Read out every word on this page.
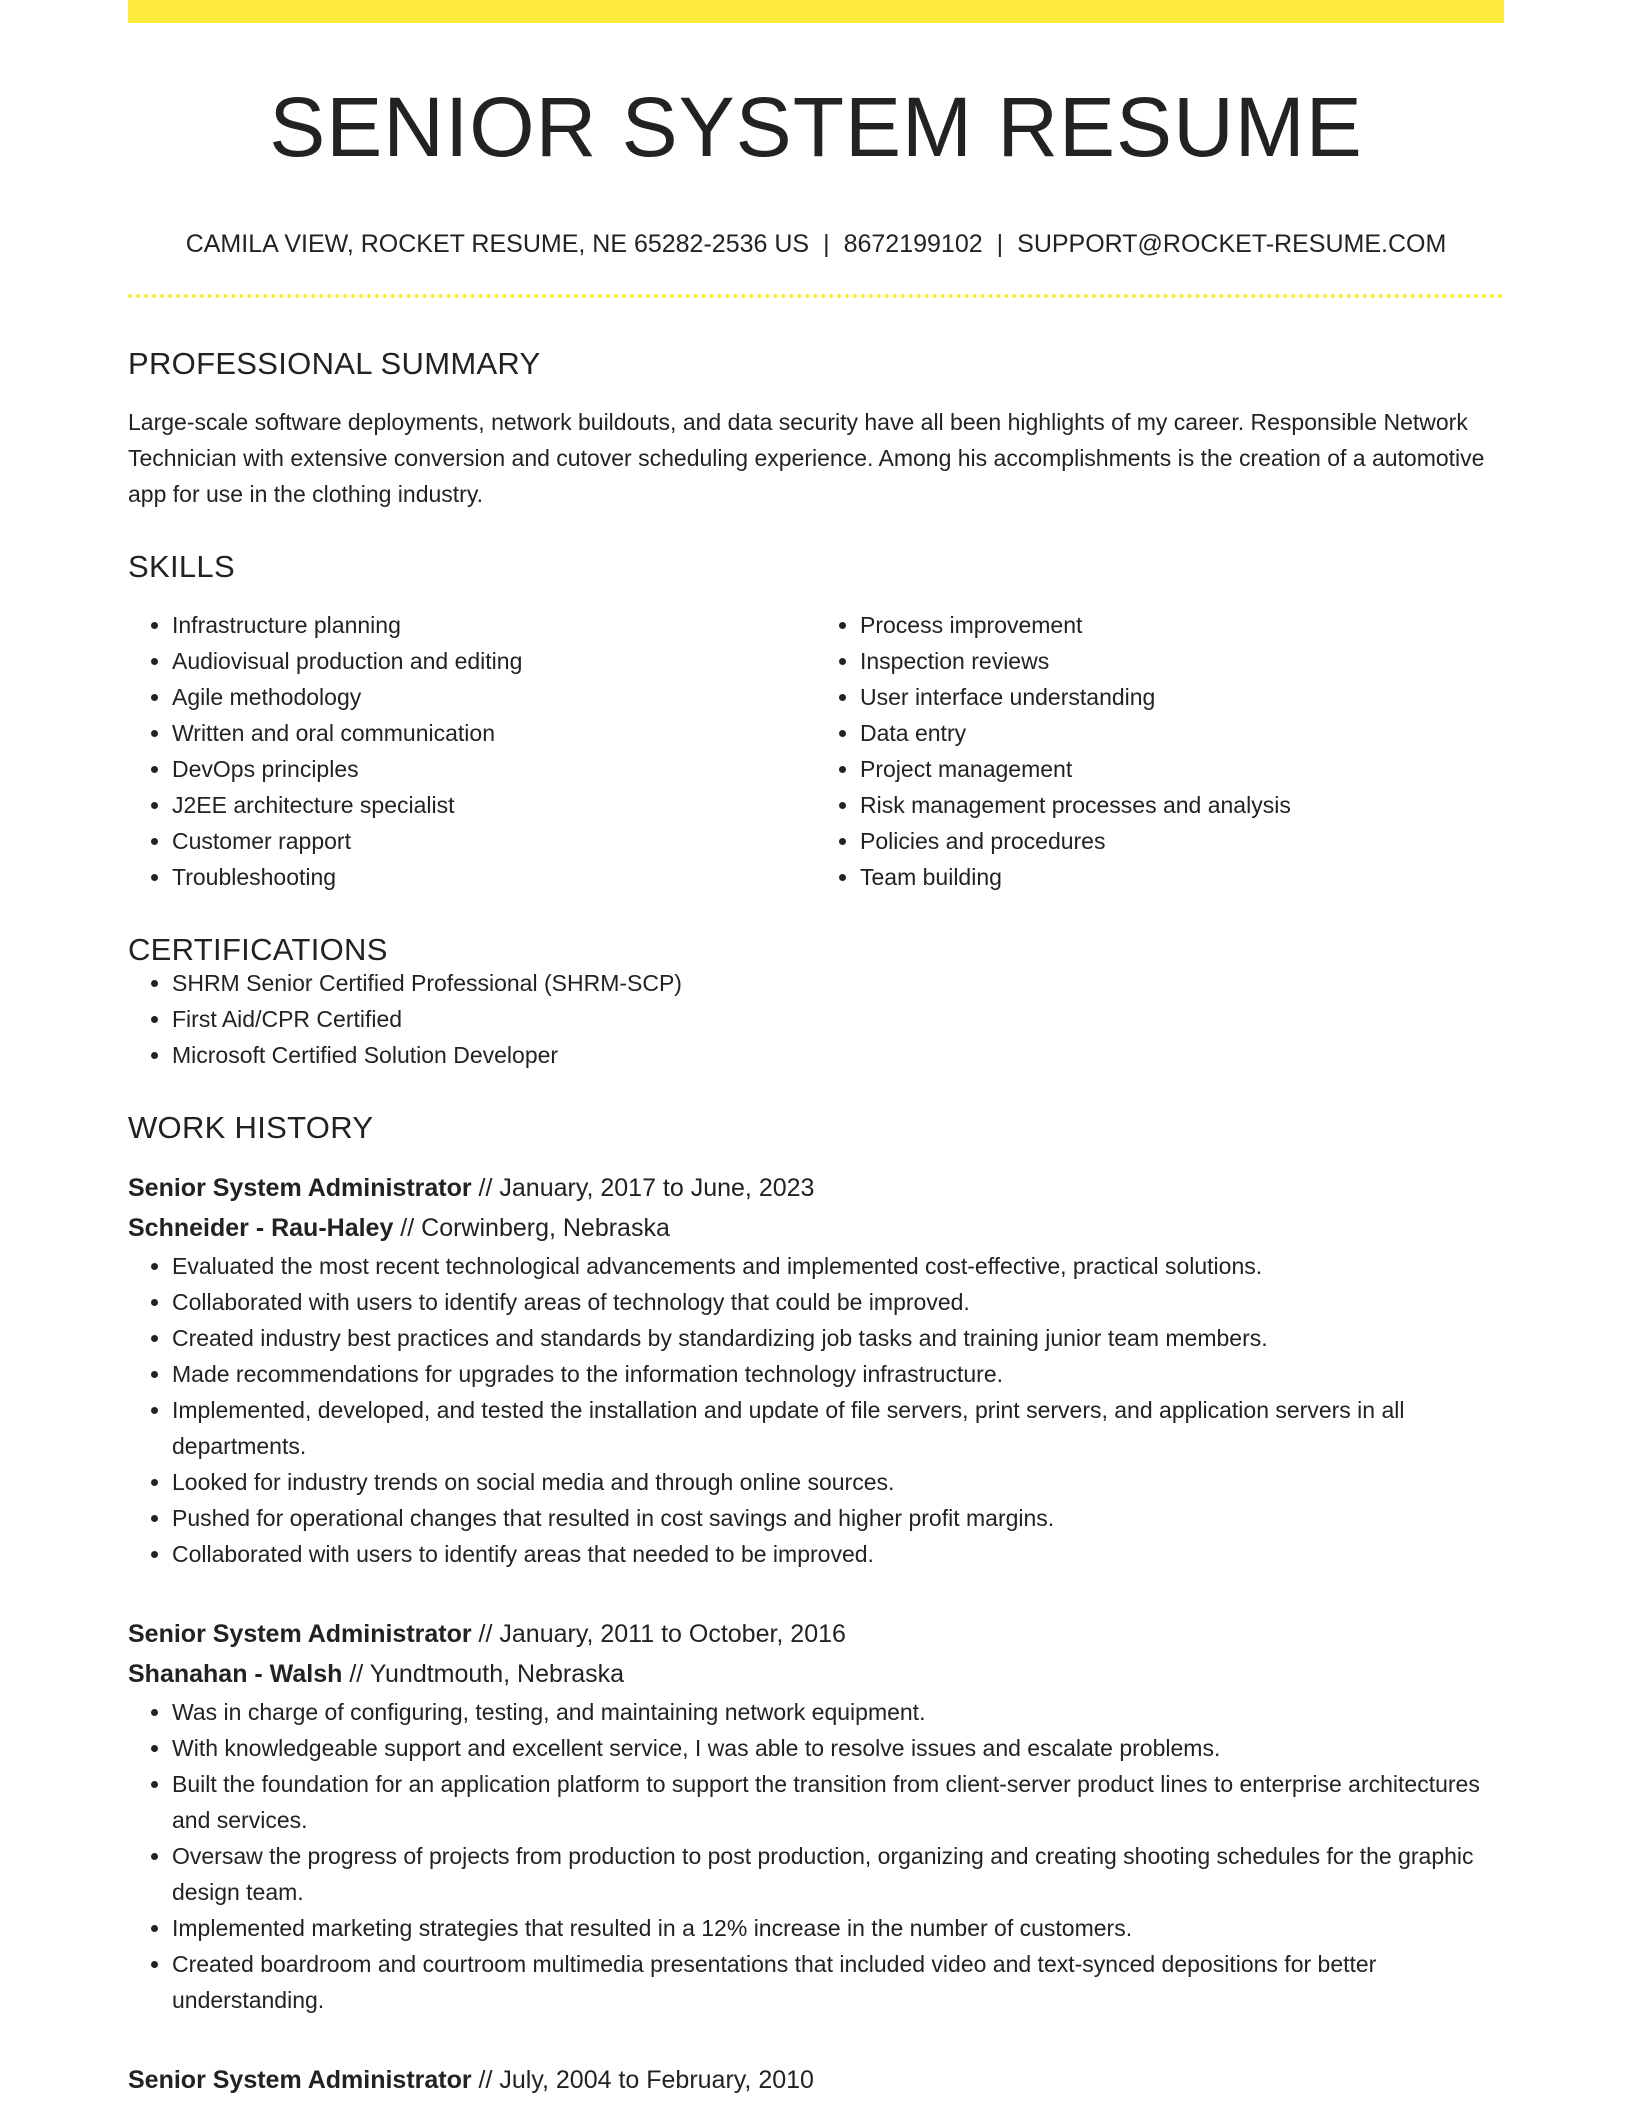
SENIOR SYSTEM RESUME
CAMILA VIEW, ROCKET RESUME, NE 65282-2536 US | 8672199102 | SUPPORT@ROCKET-RESUME.COM
PROFESSIONAL SUMMARY

Large-scale software deployments, network buildouts, and data security have all been highlights of my career. Responsible Network Technician with extensive conversion and cutover scheduling experience. Among his accomplishments is the creation of a automotive app for use in the clothing industry.

SKILLS
• Infrastructure planning
• Audiovisual production and editing
• Agile methodology
• Written and oral communication
• DevOps principles
• J2EE architecture specialist
• Customer rapport
• Troubleshooting
• Process improvement
• Inspection reviews
• User interface understanding
• Data entry
• Project management
• Risk management processes and analysis
• Policies and procedures
• Team building
CERTIFICATIONS
• SHRM Senior Certified Professional (SHRM-SCP)
• First Aid/CPR Certified
• Microsoft Certified Solution Developer
WORK HISTORY
Senior System Administrator // January, 2017 to June, 2023
Schneider - Rau-Haley // Corwinberg, Nebraska
• Evaluated the most recent technological advancements and implemented cost-effective, practical solutions.
• Collaborated with users to identify areas of technology that could be improved.
• Created industry best practices and standards by standardizing job tasks and training junior team members.
• Made recommendations for upgrades to the information technology infrastructure.
• Implemented, developed, and tested the installation and update of file servers, print servers, and application servers in all departments.
• Looked for industry trends on social media and through online sources.
• Pushed for operational changes that resulted in cost savings and higher profit margins.
• Collaborated with users to identify areas that needed to be improved.
Senior System Administrator // January, 2011 to October, 2016
Shanahan - Walsh // Yundtmouth, Nebraska
• Was in charge of configuring, testing, and maintaining network equipment.
• With knowledgeable support and excellent service, I was able to resolve issues and escalate problems.
• Built the foundation for an application platform to support the transition from client-server product lines to enterprise architectures and services.
• Oversaw the progress of projects from production to post production, organizing and creating shooting schedules for the graphic design team.
• Implemented marketing strategies that resulted in a 12% increase in the number of customers.
• Created boardroom and courtroom multimedia presentations that included video and text-synced depositions for better understanding.
Senior System Administrator // July, 2004 to February, 2010
